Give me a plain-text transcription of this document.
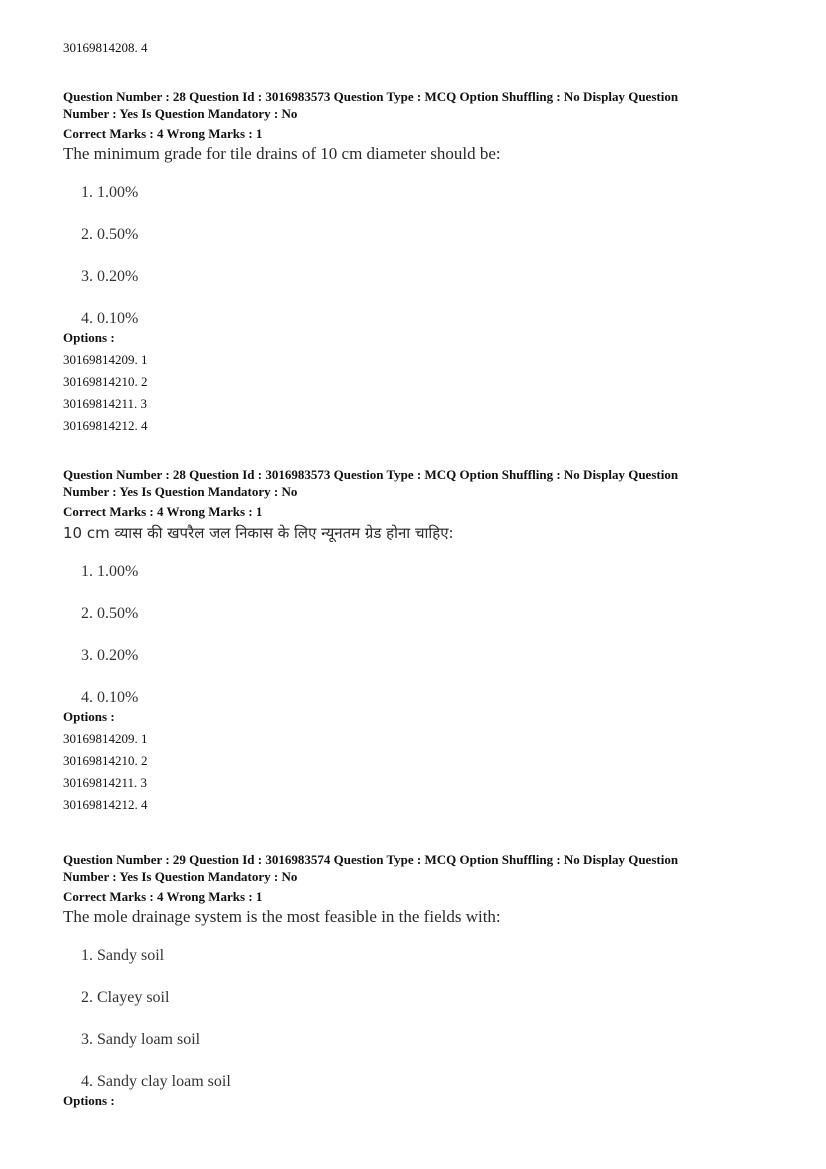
30169814208. 4
Question Number : 28 Question Id : 3016983573 Question Type : MCQ Option Shuffling : No Display Question
Number : Yes Is Question Mandatory : No
Correct Marks : 4 Wrong Marks : 1
The minimum grade for tile drains of 10 cm diameter should be:
1. 1.00%
2. 0.50%
3. 0.20%
4. 0.10%
Options :
30169814209. 1
30169814210. 2
30169814211. 3
30169814212. 4
Question Number : 28 Question Id : 3016983573 Question Type : MCQ Option Shuffling : No Display Question
Number : Yes Is Question Mandatory : No
Correct Marks : 4 Wrong Marks : 1
10 cm व्यास की खपरैल जल निकास के लिए न्यूनतम ग्रेड होना चाहिए:
1. 1.00%
2. 0.50%
3. 0.20%
4. 0.10%
Options :
30169814209. 1
30169814210. 2
30169814211. 3
30169814212. 4
Question Number : 29 Question Id : 3016983574 Question Type : MCQ Option Shuffling : No Display Question
Number : Yes Is Question Mandatory : No
Correct Marks : 4 Wrong Marks : 1
The mole drainage system is the most feasible in the fields with:
1. Sandy soil
2. Clayey soil
3. Sandy loam soil
4. Sandy clay loam soil
Options :
